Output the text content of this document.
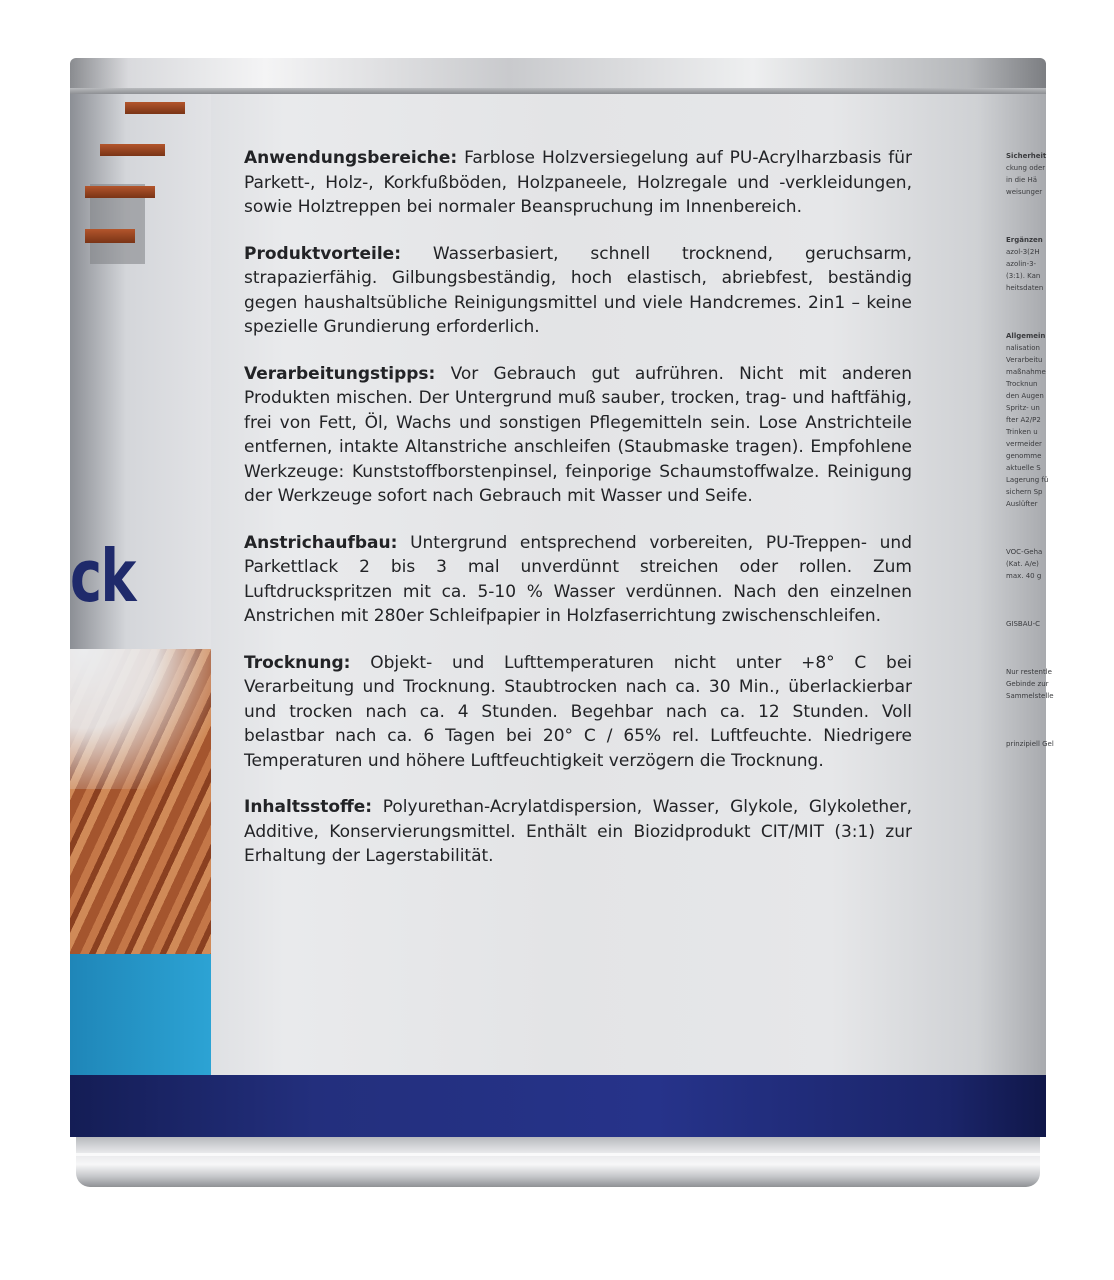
ck

Anwendungsbereiche: Farblose Holzversiegelung auf PU-Acrylharzbasis für Parkett-, Holz-, Korkfußböden, Holzpaneele, Holzregale und -verkleidungen, sowie Holztreppen bei normaler Beanspruchung im Innenbereich.

Produktvorteile: Wasserbasiert, schnell trocknend, geruchsarm, strapazierfähig. Gilbungsbeständig, hoch elastisch, abriebfest, beständig gegen haushaltsübliche Reinigungsmittel und viele Handcremes. 2in1 – keine spezielle Grundierung erforderlich.

Verarbeitungstipps: Vor Gebrauch gut aufrühren. Nicht mit anderen Produkten mischen. Der Untergrund muß sauber, trocken, trag- und haftfähig, frei von Fett, Öl, Wachs und sonstigen Pflegemitteln sein. Lose Anstrichteile entfernen, intakte Altanstriche anschleifen (Staubmaske tragen). Empfohlene Werkzeuge: Kunststoffborstenpinsel, feinporige Schaumstoffwalze. Reinigung der Werkzeuge sofort nach Gebrauch mit Wasser und Seife.

Anstrichaufbau: Untergrund entsprechend vorbereiten, PU-Treppen- und Parkettlack 2 bis 3 mal unverdünnt streichen oder rollen. Zum Luftdruckspritzen mit ca. 5-10 % Wasser verdünnen. Nach den einzelnen Anstrichen mit 280er Schleifpapier in Holzfaserrichtung zwischenschleifen.

Trocknung: Objekt- und Lufttemperaturen nicht unter +8° C bei Verarbeitung und Trocknung. Staubtrocken nach ca. 30 Min., überlackierbar und trocken nach ca. 4 Stunden. Begehbar nach ca. 12 Stunden. Voll belastbar nach ca. 6 Tagen bei 20° C / 65% rel. Luftfeuchte. Niedrigere Temperaturen und höhere Luftfeuchtigkeit verzögern die Trocknung.

Inhaltsstoffe: Polyurethan-Acrylatdispersion, Wasser, Glykole, Glykolether, Additive, Konservierungsmittel. Enthält ein Biozidprodukt CIT/MIT (3:1) zur Erhaltung der Lagerstabilität.

Sicherheit
ckung oder
in die Hä
weisunger
Ergänzen
azol-3(2H
azolin-3-
(3:1). Kan
heitsdaten
Allgemein
nalisation
Verarbeitu
maßnahme
Trocknun
den Augen
Spritz- un
fter A2/P2
Trinken u
vermeider
genomme
aktuelle S
Lagerung fü
sichern Sp
Auslüfter
VOC-Geha
(Kat. A/e)
max. 40 g
GISBAU-C
Nur restentle
Gebinde zur
Sammelstelle
prinzipiell Gel
